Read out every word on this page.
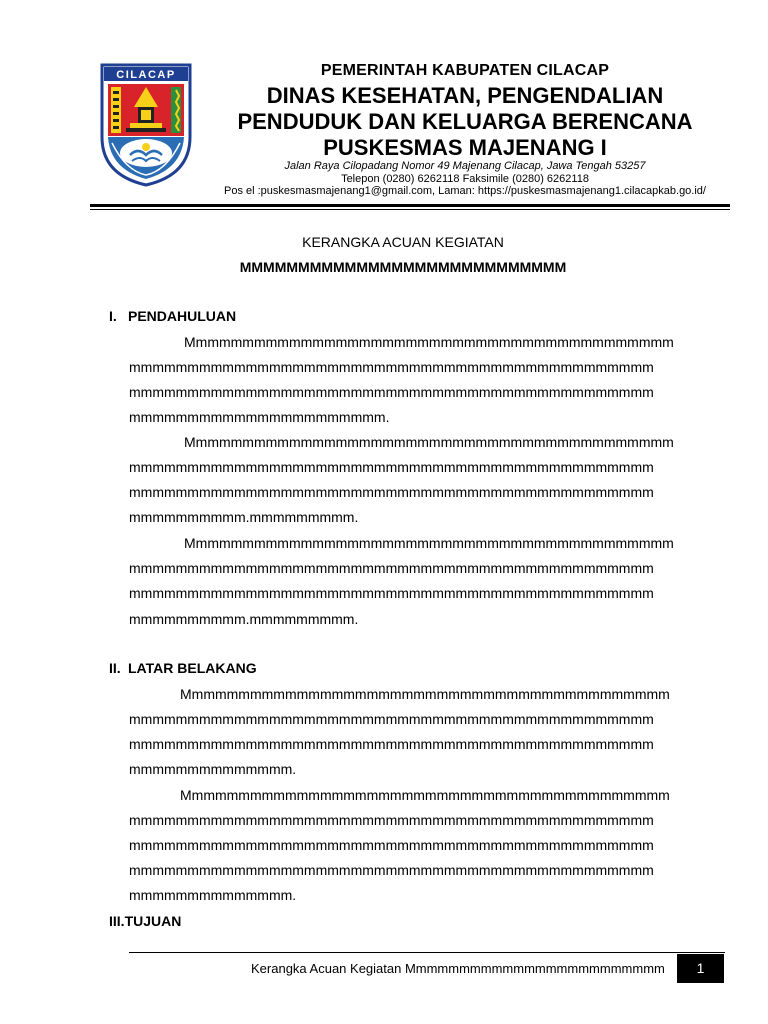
CILACAP	PEMERINTAH KABUPATEN CILACAP
DINAS KESEHATAN, PENGENDALIAN
PENDUDUK DAN KELUARGA BERENCANA
PUSKESMAS MAJENANG I
Jalan Raya Cilopadang Nomor 49 Majenang Cilacap, Jawa Tengah 53257
Telepon (0280) 6262118 Faksimile (0280) 6262118
Pos el :puskesmasmajenang1@gmail.com, Laman: https://puskesmasmajenang1.cilacapkab.go.id/
KERANGKA ACUAN KEGIATAN
MMMMMMMMMMMMMMMMMMMMMMMMMMMM
I. PENDAHULUAN
Mmmmmmmmmmmmmmmmmmmmmmmmmmmmmmmmmmmmmmmmmm
mmmmmmmmmmmmmmmmmmmmmmmmmmmmmmmmmmmmmmmmmmmmm
mmmmmmmmmmmmmmmmmmmmmmmmmmmmmmmmmmmmmmmmmmmmm
mmmmmmmmmmmmmmmmmmmmmm.
Mmmmmmmmmmmmmmmmmmmmmmmmmmmmmmmmmmmmmmmmmm
mmmmmmmmmmmmmmmmmmmmmmmmmmmmmmmmmmmmmmmmmmmmm
mmmmmmmmmmmmmmmmmmmmmmmmmmmmmmmmmmmmmmmmmmmmm
mmmmmmmmmm.mmmmmmmmm.
Mmmmmmmmmmmmmmmmmmmmmmmmmmmmmmmmmmmmmmmmmm
mmmmmmmmmmmmmmmmmmmmmmmmmmmmmmmmmmmmmmmmmmmmm
mmmmmmmmmmmmmmmmmmmmmmmmmmmmmmmmmmmmmmmmmmmmm
mmmmmmmmmm.mmmmmmmmm.
II. LATAR BELAKANG
Mmmmmmmmmmmmmmmmmmmmmmmmmmmmmmmmmmmmmmmmmm
mmmmmmmmmmmmmmmmmmmmmmmmmmmmmmmmmmmmmmmmmmmmm
mmmmmmmmmmmmmmmmmmmmmmmmmmmmmmmmmmmmmmmmmmmmm
mmmmmmmmmmmmmm.
Mmmmmmmmmmmmmmmmmmmmmmmmmmmmmmmmmmmmmmmmmm
mmmmmmmmmmmmmmmmmmmmmmmmmmmmmmmmmmmmmmmmmmmmm
mmmmmmmmmmmmmmmmmmmmmmmmmmmmmmmmmmmmmmmmmmmmm
mmmmmmmmmmmmmmmmmmmmmmmmmmmmmmmmmmmmmmmmmmmmm
mmmmmmmmmmmmmm.
III.TUJUAN
Kerangka Acuan Kegiatan Mmmmmmmmmmmmmmmmmmmmmmmm	1
